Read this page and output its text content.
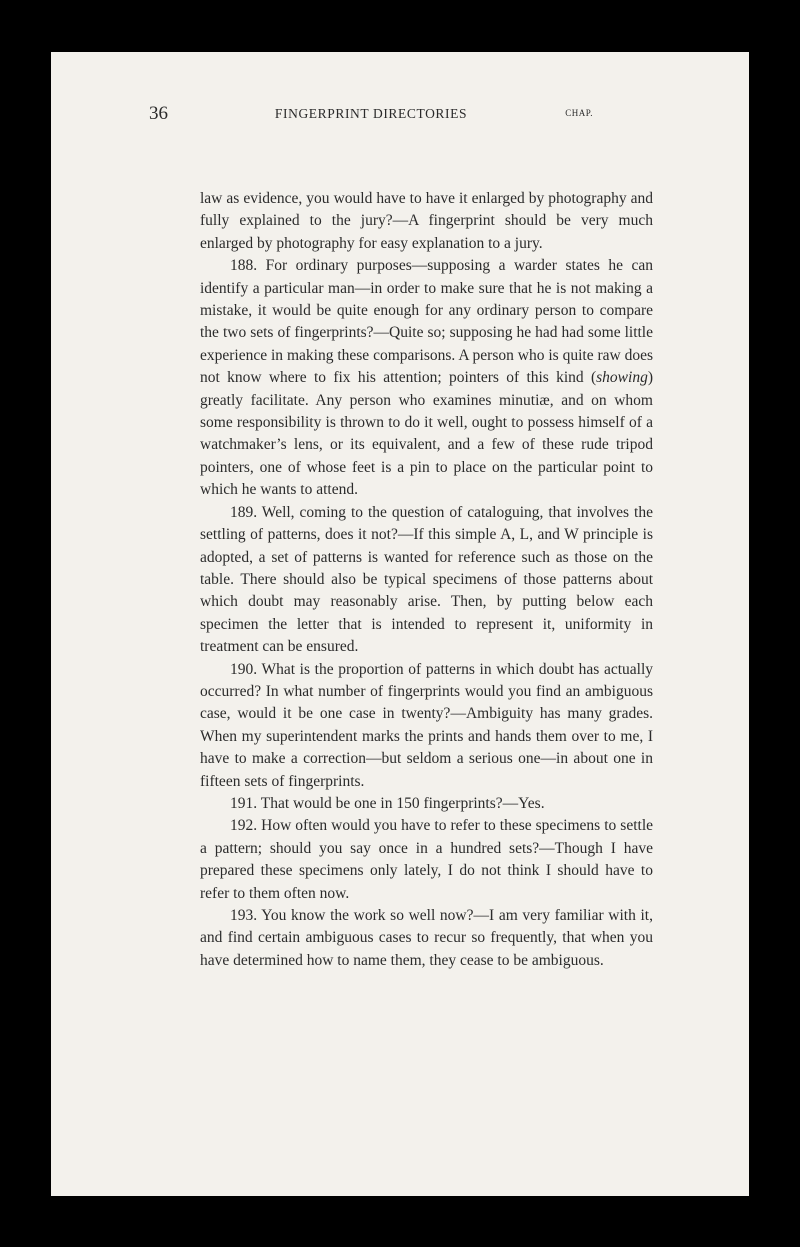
36	FINGERPRINT DIRECTORIES	CHAP.

law as evidence, you would have to have it enlarged by photography and fully explained to the jury?—A fingerprint should be very much enlarged by photography for easy explanation to a jury.

188. For ordinary purposes—supposing a warder states he can identify a particular man—in order to make sure that he is not making a mistake, it would be quite enough for any ordinary person to compare the two sets of fingerprints?—Quite so; supposing he had had some little experience in making these comparisons. A person who is quite raw does not know where to fix his attention; pointers of this kind (showing) greatly facilitate. Any person who examines minutiæ, and on whom some responsibility is thrown to do it well, ought to possess himself of a watchmaker’s lens, or its equivalent, and a few of these rude tripod pointers, one of whose feet is a pin to place on the particular point to which he wants to attend.

189. Well, coming to the question of cataloguing, that involves the settling of patterns, does it not?—If this simple A, L, and W principle is adopted, a set of patterns is wanted for reference such as those on the table. There should also be typical specimens of those patterns about which doubt may reasonably arise. Then, by putting below each specimen the letter that is intended to represent it, uniformity in treatment can be ensured.

190. What is the proportion of patterns in which doubt has actually occurred? In what number of fingerprints would you find an ambiguous case, would it be one case in twenty?—Ambiguity has many grades. When my superintendent marks the prints and hands them over to me, I have to make a correction—but seldom a serious one—in about one in fifteen sets of fingerprints.

191. That would be one in 150 fingerprints?—Yes.

192. How often would you have to refer to these specimens to settle a pattern; should you say once in a hundred sets?—Though I have prepared these specimens only lately, I do not think I should have to refer to them often now.

193. You know the work so well now?—I am very familiar with it, and find certain ambiguous cases to recur so frequently, that when you have determined how to name them, they cease to be ambiguous.
